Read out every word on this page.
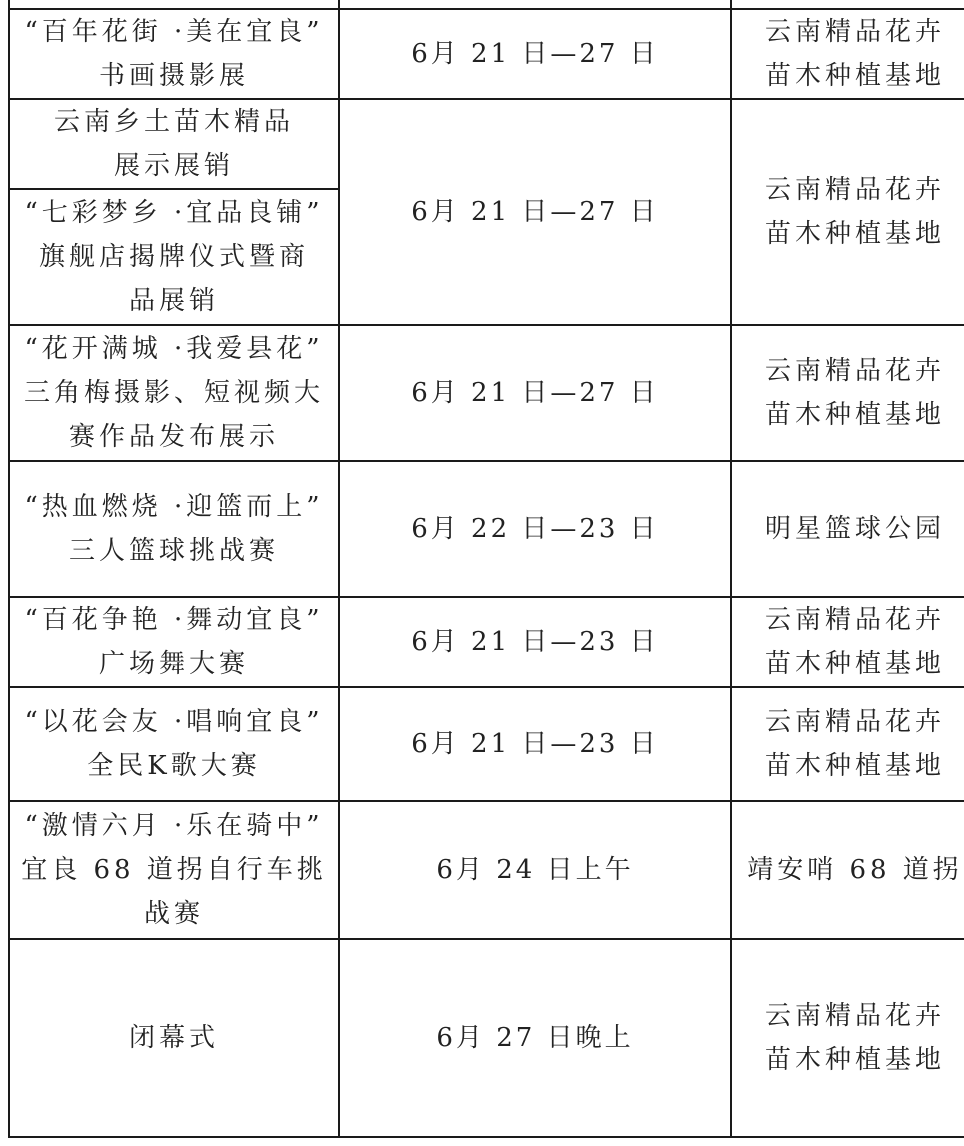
“百年花街 ·美在宜良”
书画摄影展	6月 21 日—27 日	云南精品花卉
苗木种植基地

云南乡土苗木精品
展示展销	6月 21 日—27 日	云南精品花卉
苗木种植基地

“七彩梦乡 ·宜品良铺”
旗舰店揭牌仪式暨商
品展销		

“花开满城 ·我爱县花”
三角梅摄影、短视频大
赛作品发布展示	6月 21 日—27 日	云南精品花卉
苗木种植基地

“热血燃烧 ·迎篮而上”
三人篮球挑战赛	6月 22 日—23 日	明星篮球公园

“百花争艳 ·舞动宜良”
广场舞大赛	6月 21 日—23 日	云南精品花卉
苗木种植基地

“以花会友 ·唱响宜良”
全民K歌大赛	6月 21 日—23 日	云南精品花卉
苗木种植基地

“激情六月 ·乐在骑中”
宜良 68 道拐自行车挑
战赛	6月 24 日上午	靖安哨 68 道拐

闭幕式	6月 27 日晚上	云南精品花卉
苗木种植基地
